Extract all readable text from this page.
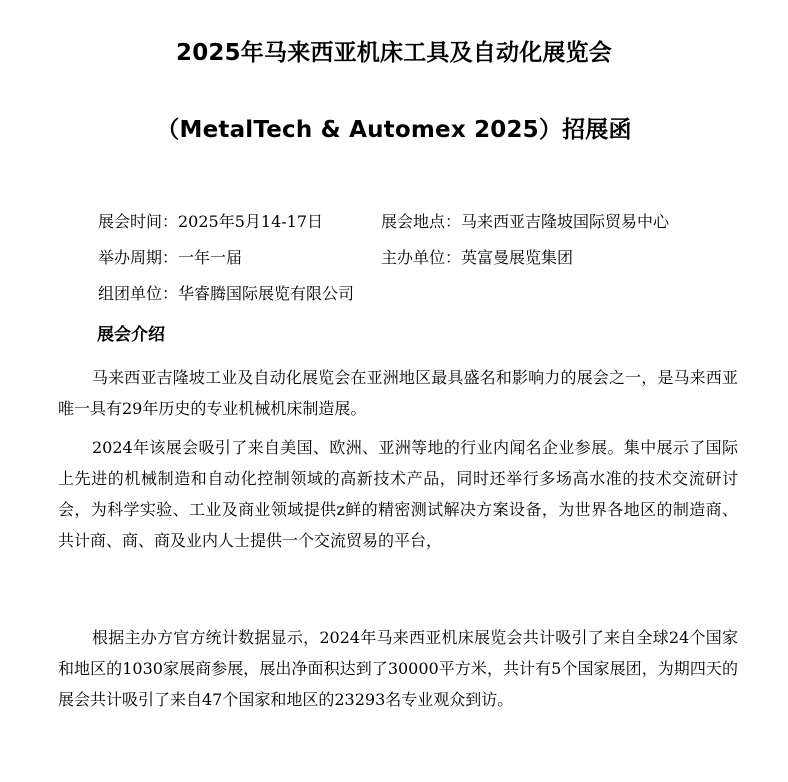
2025年马来西亚机床工具及自动化展览会
（MetalTech & Automex 2025）招展函
展会时间：2025年5月14-17日	展会地点：马来西亚吉隆坡国际贸易中心
举办周期：一年一届	主办单位：英富曼展览集团
组团单位：华睿腾国际展览有限公司
展会介绍

马来西亚吉隆坡工业及自动化展览会在亚洲地区最具盛名和影响力的展会之一，是马来西亚唯一具有29年历史的专业机械机床制造展。

2024年该展会吸引了来自美国、欧洲、亚洲等地的行业内闻名企业参展。集中展示了国际上先进的机械制造和自动化控制领域的高新技术产品，同时还举行多场高水准的技术交流研讨会，为科学实验、工业及商业领域提供z鲜的精密测试解决方案设备，为世界各地区的制造商、共计商、商、商及业内人士提供一个交流贸易的平台，

根据主办方官方统计数据显示，2024年马来西亚机床展览会共计吸引了来自全球24个国家和地区的1030家展商参展，展出净面积达到了30000平方米，共计有5个国家展团，为期四天的展会共计吸引了来自47个国家和地区的23293名专业观众到访。
